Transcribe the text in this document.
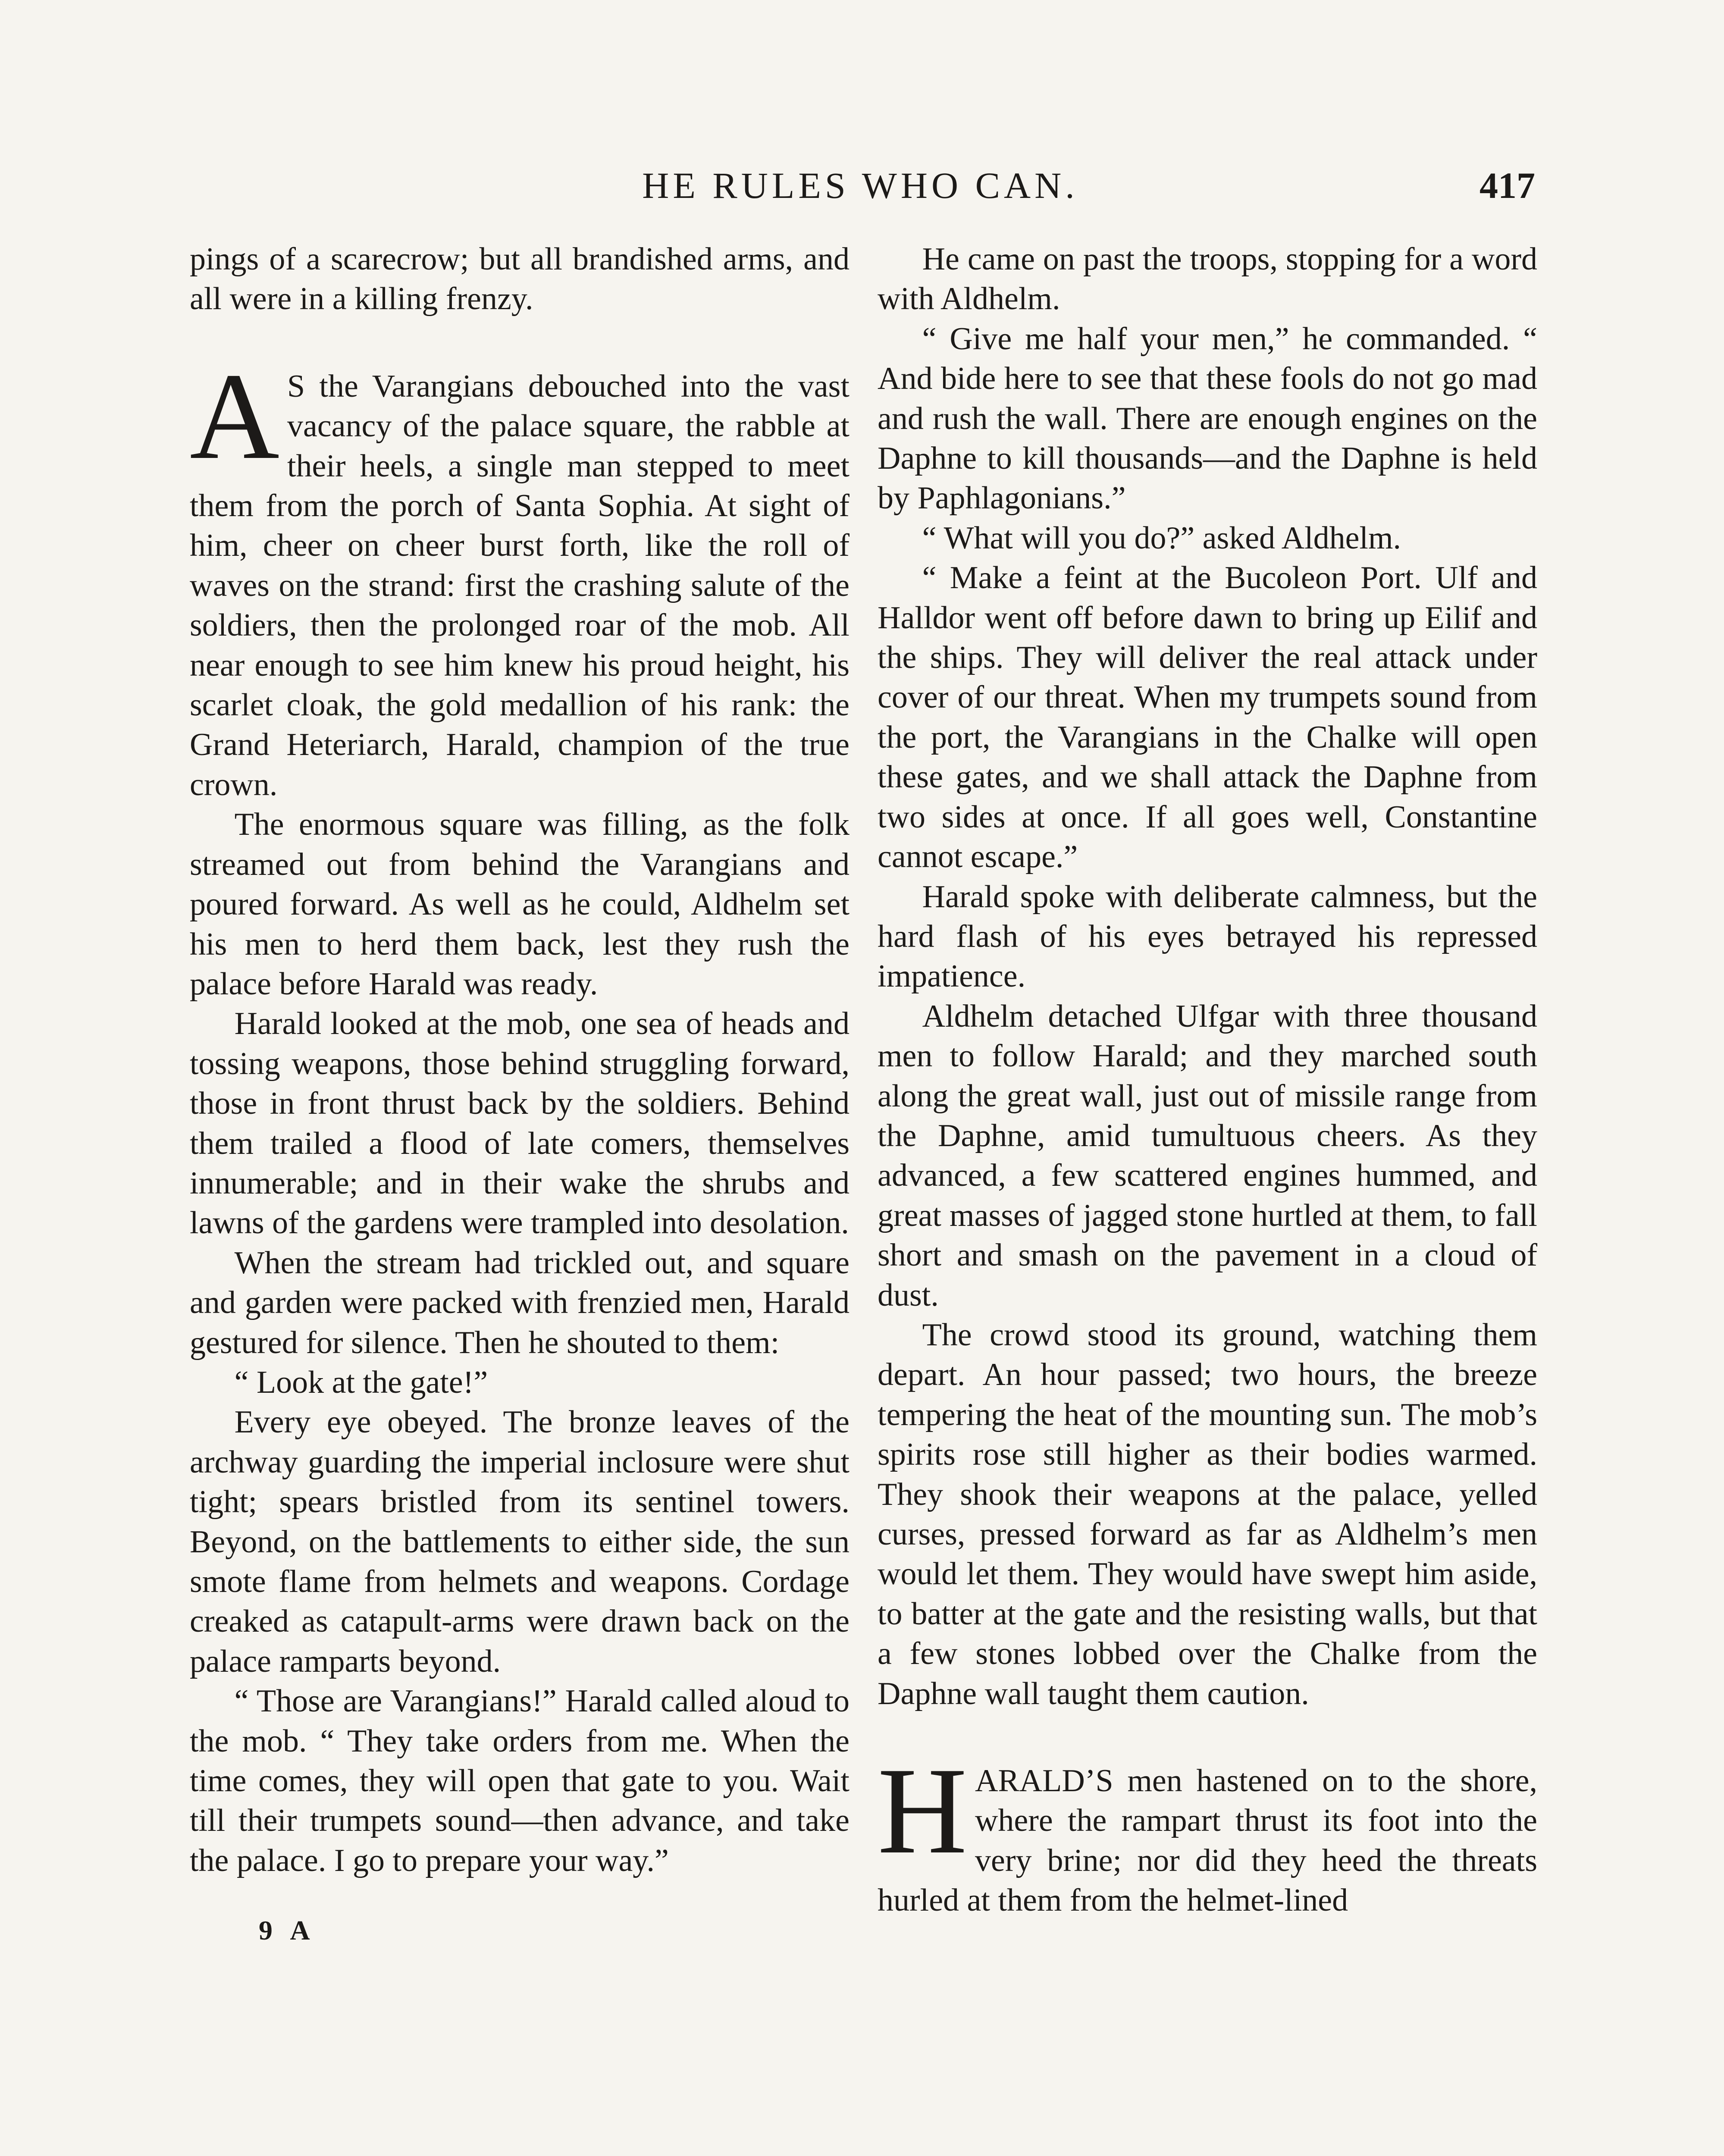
HE RULES WHO CAN.	417

pings of a scarecrow; but all brandished arms, and all were in a killing frenzy.

A S the Varangians debouched into the vast vacancy of the palace square, the rabble at their heels, a single man stepped to meet them from the porch of Santa Sophia. At sight of him, cheer on cheer burst forth, like the roll of waves on the strand: first the crashing salute of the soldiers, then the prolonged roar of the mob. All near enough to see him knew his proud height, his scarlet cloak, the gold medallion of his rank: the Grand Heteriarch, Harald, champion of the true crown.

The enormous square was filling, as the folk streamed out from behind the Varangians and poured forward. As well as he could, Aldhelm set his men to herd them back, lest they rush the palace before Harald was ready.

Harald looked at the mob, one sea of heads and tossing weapons, those behind struggling forward, those in front thrust back by the soldiers. Behind them trailed a flood of late comers, themselves innumerable; and in their wake the shrubs and lawns of the gardens were trampled into desolation.

When the stream had trickled out, and square and garden were packed with frenzied men, Harald gestured for silence. Then he shouted to them:

“ Look at the gate!”

Every eye obeyed. The bronze leaves of the archway guarding the imperial inclosure were shut tight; spears bristled from its sentinel towers. Beyond, on the battlements to either side, the sun smote flame from helmets and weapons. Cordage creaked as catapult-arms were drawn back on the palace ramparts beyond.

“ Those are Varangians!” Harald called aloud to the mob. “ They take orders from me. When the time comes, they will open that gate to you. Wait till their trumpets sound—then advance, and take the palace. I go to prepare your way.”

9 A

He came on past the troops, stopping for a word with Aldhelm.

“ Give me half your men,” he commanded. “ And bide here to see that these fools do not go mad and rush the wall. There are enough engines on the Daphne to kill thousands—and the Daphne is held by Paphlagonians.”

“ What will you do?” asked Aldhelm.

“ Make a feint at the Bucoleon Port. Ulf and Halldor went off before dawn to bring up Eilif and the ships. They will deliver the real attack under cover of our threat. When my trumpets sound from the port, the Varangians in the Chalke will open these gates, and we shall attack the Daphne from two sides at once. If all goes well, Constantine cannot escape.”

Harald spoke with deliberate calmness, but the hard flash of his eyes betrayed his repressed impatience.

Aldhelm detached Ulfgar with three thousand men to follow Harald; and they marched south along the great wall, just out of missile range from the Daphne, amid tumultuous cheers. As they advanced, a few scattered engines hummed, and great masses of jagged stone hurtled at them, to fall short and smash on the pavement in a cloud of dust.

The crowd stood its ground, watching them depart. An hour passed; two hours, the breeze tempering the heat of the mounting sun. The mob’s spirits rose still higher as their bodies warmed. They shook their weapons at the palace, yelled curses, pressed forward as far as Aldhelm’s men would let them. They would have swept him aside, to batter at the gate and the resisting walls, but that a few stones lobbed over the Chalke from the Daphne wall taught them caution.

HARALD’S men hastened on to the shore, where the rampart thrust its foot into the very brine; nor did they heed the threats hurled at them from the helmet-lined
